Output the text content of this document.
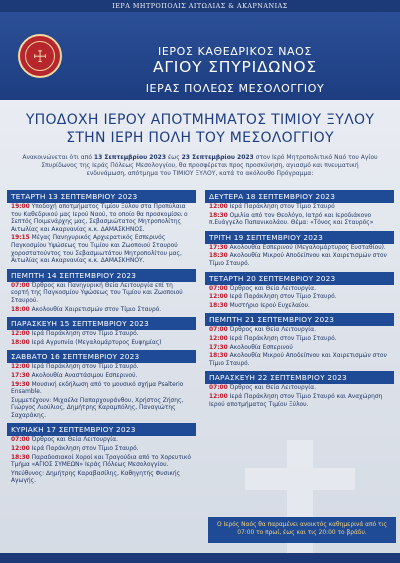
ΙΕΡΑ ΜΗΤΡΟΠΟΛΙΣ ΑΙΤΩΛΙΑΣ & ΑΚΑΡΝΑΝΙΑΣ
☩	ΙΕΡΟΣ ΚΑΘΕΔΡΙΚΟΣ ΝΑΟΣ
ΑΓΙΟΥ ΣΠΥΡΙΔΩΝΟΣ
ΙΕΡΑΣ ΠΟΛΕΩΣ ΜΕΣΟΛΟΓΓΙΟΥ
ΥΠΟΔΟΧΗ ΙΕΡΟΥ ΑΠΟΤΜΗΜΑΤΟΣ ΤΙΜΙΟΥ ΞΥΛΟΥ
ΣΤΗΝ ΙΕΡΗ ΠΟΛΗ ΤΟΥ ΜΕΣΟΛΟΓΓΙΟΥ
Ανακοινώνεται ότι από 13 Σεπτεμβρίου 2023 έως 23 Σεπτεμβρίου 2023 στον Ιερό Μητροπολιτικό Ναό του Αγίου Σπυρίδωνος της Ιεράς Πόλεως Μεσολογγίου, θα προσφέρεται προς προσκύνηση, αγιασμό και πνευματική ενδυνάμωση, απότμημα του ΤΙΜΙΟΥ ΞΥΛΟΥ, κατά το ακόλουθο Πρόγραμμα:
ΤΕΤΑΡΤΗ 13 ΣΕΠΤΕΜΒΡΙΟΥ 2023
19:00 Υποδοχή αποτμήματος Τιμίου Ξύλου στα Προπύλαια του Καθεδρικού μας Ιερού Ναού, το οποίο θα προσκομίσει ο Σεπτός Ποιμενάρχης μας, Σεβασμιώτατος Μητροπολίτης Αιτωλίας και Ακαρνανίας κ.κ. ΔΑΜΑΣΚΗΝΟΣ.
19:15 Μέγας Πανηγυρικός Αρχιερατικός Εσπερινός Παγκοσμίου Υψώσεως του Τιμίου και Ζωοποιού Σταυρού χοροστατούντος του Σεβασμιωτάτου Μητροπολίτου μας, Αιτωλίας και Ακαρνανίας κ.κ. ΔΑΜΑΣΚΗΝΟΥ.
ΠΕΜΠΤΗ 14 ΣΕΠΤΕΜΒΡΙΟΥ 2023
07:00 Όρθρος και Πανηγυρική Θεία Λειτουργία επί τη εορτή της Παγκοσμίου Υψώσεως του Τιμίου και Ζωοποιού Σταυρού.
18:00 Ακολουθία Χαιρετισμών στον Τίμιο Σταυρό.
ΠΑΡΑΣΚΕΥΗ 15 ΣΕΠΤΕΜΒΡΙΟΥ 2023
12:00 Ιερά Παράκληση στον Τίμιο Σταυρό.
18:00 Ιερά Αγρυπνία (Μεγαλομάρτυρος Ευφημίας)
ΣΑΒΒΑΤΟ 16 ΣΕΠΤΕΜΒΡΙΟΥ 2023
12:00 Ιερά Παράκληση στον Τίμιο Σταυρό.
17:30 Ακολουθία Αναστάσιμου Εσπερινού.
19:30 Μουσική εκδήλωση από το μουσικό σχήμα Psalterio Ensamble.
Συμμετέχουν: Μιχαέλα Παπαρχουράνθου, Χρήστος Ζήσης, Γιώργος Λιούλιος, Δημήτρης Καραμπόλης, Παναγιώτης Σαχαράκης.
ΚΥΡΙΑΚΗ 17 ΣΕΠΤΕΜΒΡΙΟΥ 2023
07:00 Όρθρος και Θεία Λειτουργία.
12:00 Ιερά Παράκληση στον Τίμιο Σταυρό.
18:30 Παραδοσιακοί Χοροί και Τραγούδια από το Χορευτικό Τμήμα «ΑΓΙΟΣ ΣΥΜΕΩΝ» Ιεράς Πόλεως Μεσολογγίου.
Υπεύθυνος: Δημήτρης Καραβασίλης, Καθηγητής Φυσικής Αγωγής.
ΔΕΥΤΕΡΑ 18 ΣΕΠΤΕΜΒΡΙΟΥ 2023
12:00 Ιερά Παράκληση στον Τίμιο Σταυρό
18:30 Ομιλία από τον Θεολόγο, Ιατρό και Ιεροδιάκονο π.Ευάγγελο Παπανικολάου. Θέμα: «Τόνος και Σταυρός»
ΤΡΙΤΗ 19 ΣΕΠΤΕΜΒΡΙΟΥ 2023
17:30 Ακολουθία Εσπερινού (Μεγαλομάρτυρος Ευσταθίου).
18:30 Ακολουθία Μικρού Αποδείπνου και Χαιρετισμών στον Τίμιο Σταυρό.
ΤΕΤΑΡΤΗ 20 ΣΕΠΤΕΜΒΡΙΟΥ 2023
07:00 Όρθρος και Θεία Λειτουργία.
12:00 Ιερά Παράκληση στον Τίμιο Σταυρό.
18:30 Μυστήριο Ιερού Ευχελαίου.
ΠΕΜΠΤΗ 21 ΣΕΠΤΕΜΒΡΙΟΥ 2023
07:00 Όρθρος και Θεία Λειτουργία.
12:00 Ιερά Παράκληση στον Τίμιο Σταυρό.
17:30 Ακολουθία Εσπερινού
18:30 Ακολουθία Μικρού Αποδείπνου και Χαιρετισμών στον Τίμιο Σταυρό.
ΠΑΡΑΣΚΕΥΗ 22 ΣΕΠΤΕΜΒΡΙΟΥ 2023
07:00 Όρθρος και Θεία Λειτουργία.
12:00 Ιερά Παράκληση στον Τίμιο Σταυρό και Αναχώρηση Ιερού αποτμήματος Τιμίου Ξύλου.
Ο Ιερός Ναός θα παραμένει ανοικτός καθημερινά από τις 07:00 το πρωί, έως και τις 20:00 το βράδυ.
